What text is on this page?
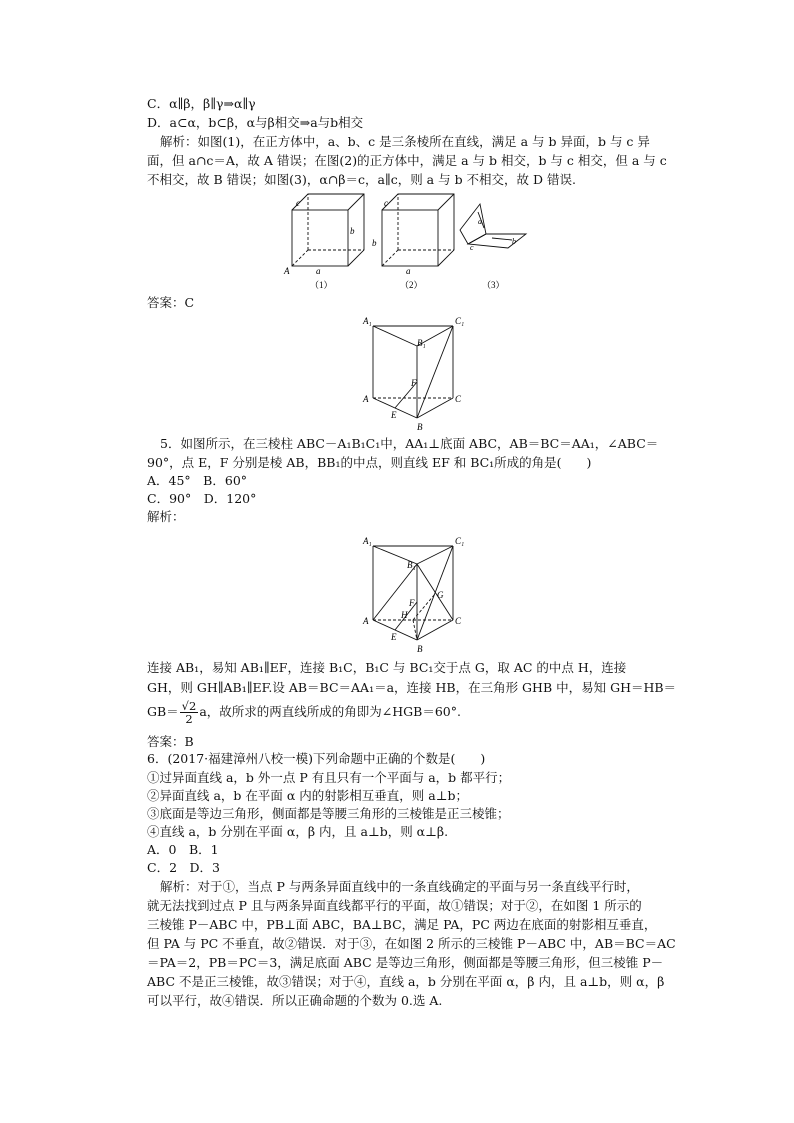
C．α∥β，β∥γ⇒α∥γ
D．a⊂α，b⊂β，α与β相交⇒a与b相交
解析：如图(1)，在正方体中，a、b、c 是三条棱所在直线，满足 a 与 b 异面，b 与 c 异
面，但 a∩c＝A，故 A 错误；在图(2)的正方体中，满足 a 与 b 相交，b 与 c 相交，但 a 与 c
不相交，故 B 错误；如图(3)，α∩β＝c，a∥c，则 a 与 b 不相交，故 D 错误.
A	a
b
c
a
b
c
a
b
c
（1）	（2）	（3）
答案：C
A₁	C₁
B₁
F
A	C
E
B
5．如图所示，在三棱柱 ABC－A₁B₁C₁中，AA₁⊥底面 ABC，AB＝BC＝AA₁，∠ABC＝
90°，点 E，F 分别是棱 AB，BB₁的中点，则直线 EF 和 BC₁所成的角是(　　)
A．45°　B．60°
C．90°　D．120°
解析：
A₁	C₁
B₁
G
F
H
A	C
E
B
连接 AB₁，易知 AB₁∥EF，连接 B₁C，B₁C 与 BC₁交于点 G，取 AC 的中点 H，连接
GH，则 GH∥AB₁∥EF.设 AB＝BC＝AA₁＝a，连接 HB，在三角形 GHB 中，易知 GH＝HB＝
$GB= \frac{√2}{2}$ a，故所求的两直线所成的角即为∠HGB＝60°.
答案：B
6．(2017·福建漳州八校一模)下列命题中正确的个数是(　　)
①过异面直线 a，b 外一点 P 有且只有一个平面与 a，b 都平行；
②异面直线 a，b 在平面 α 内的射影相互垂直，则 a⊥b；
③底面是等边三角形，侧面都是等腰三角形的三棱锥是正三棱锥；
④直线 a，b 分别在平面 α，β 内，且 a⊥b，则 α⊥β.
A．0　B．1
C．2　D．3
解析：对于①，当点 P 与两条异面直线中的一条直线确定的平面与另一条直线平行时，
就无法找到过点 P 且与两条异面直线都平行的平面，故①错误；对于②，在如图 1 所示的
三棱锥 P－ABC 中，PB⊥面 ABC，BA⊥BC，满足 PA，PC 两边在底面的射影相互垂直，
但 PA 与 PC 不垂直，故②错误．对于③，在如图 2 所示的三棱锥 P－ABC 中，AB＝BC＝AC
＝PA＝2，PB＝PC＝3，满足底面 ABC 是等边三角形，侧面都是等腰三角形，但三棱锥 P－
ABC 不是正三棱锥，故③错误；对于④，直线 a，b 分别在平面 α，β 内，且 a⊥b，则 α，β
可以平行，故④错误．所以正确命题的个数为 0.选 A.
